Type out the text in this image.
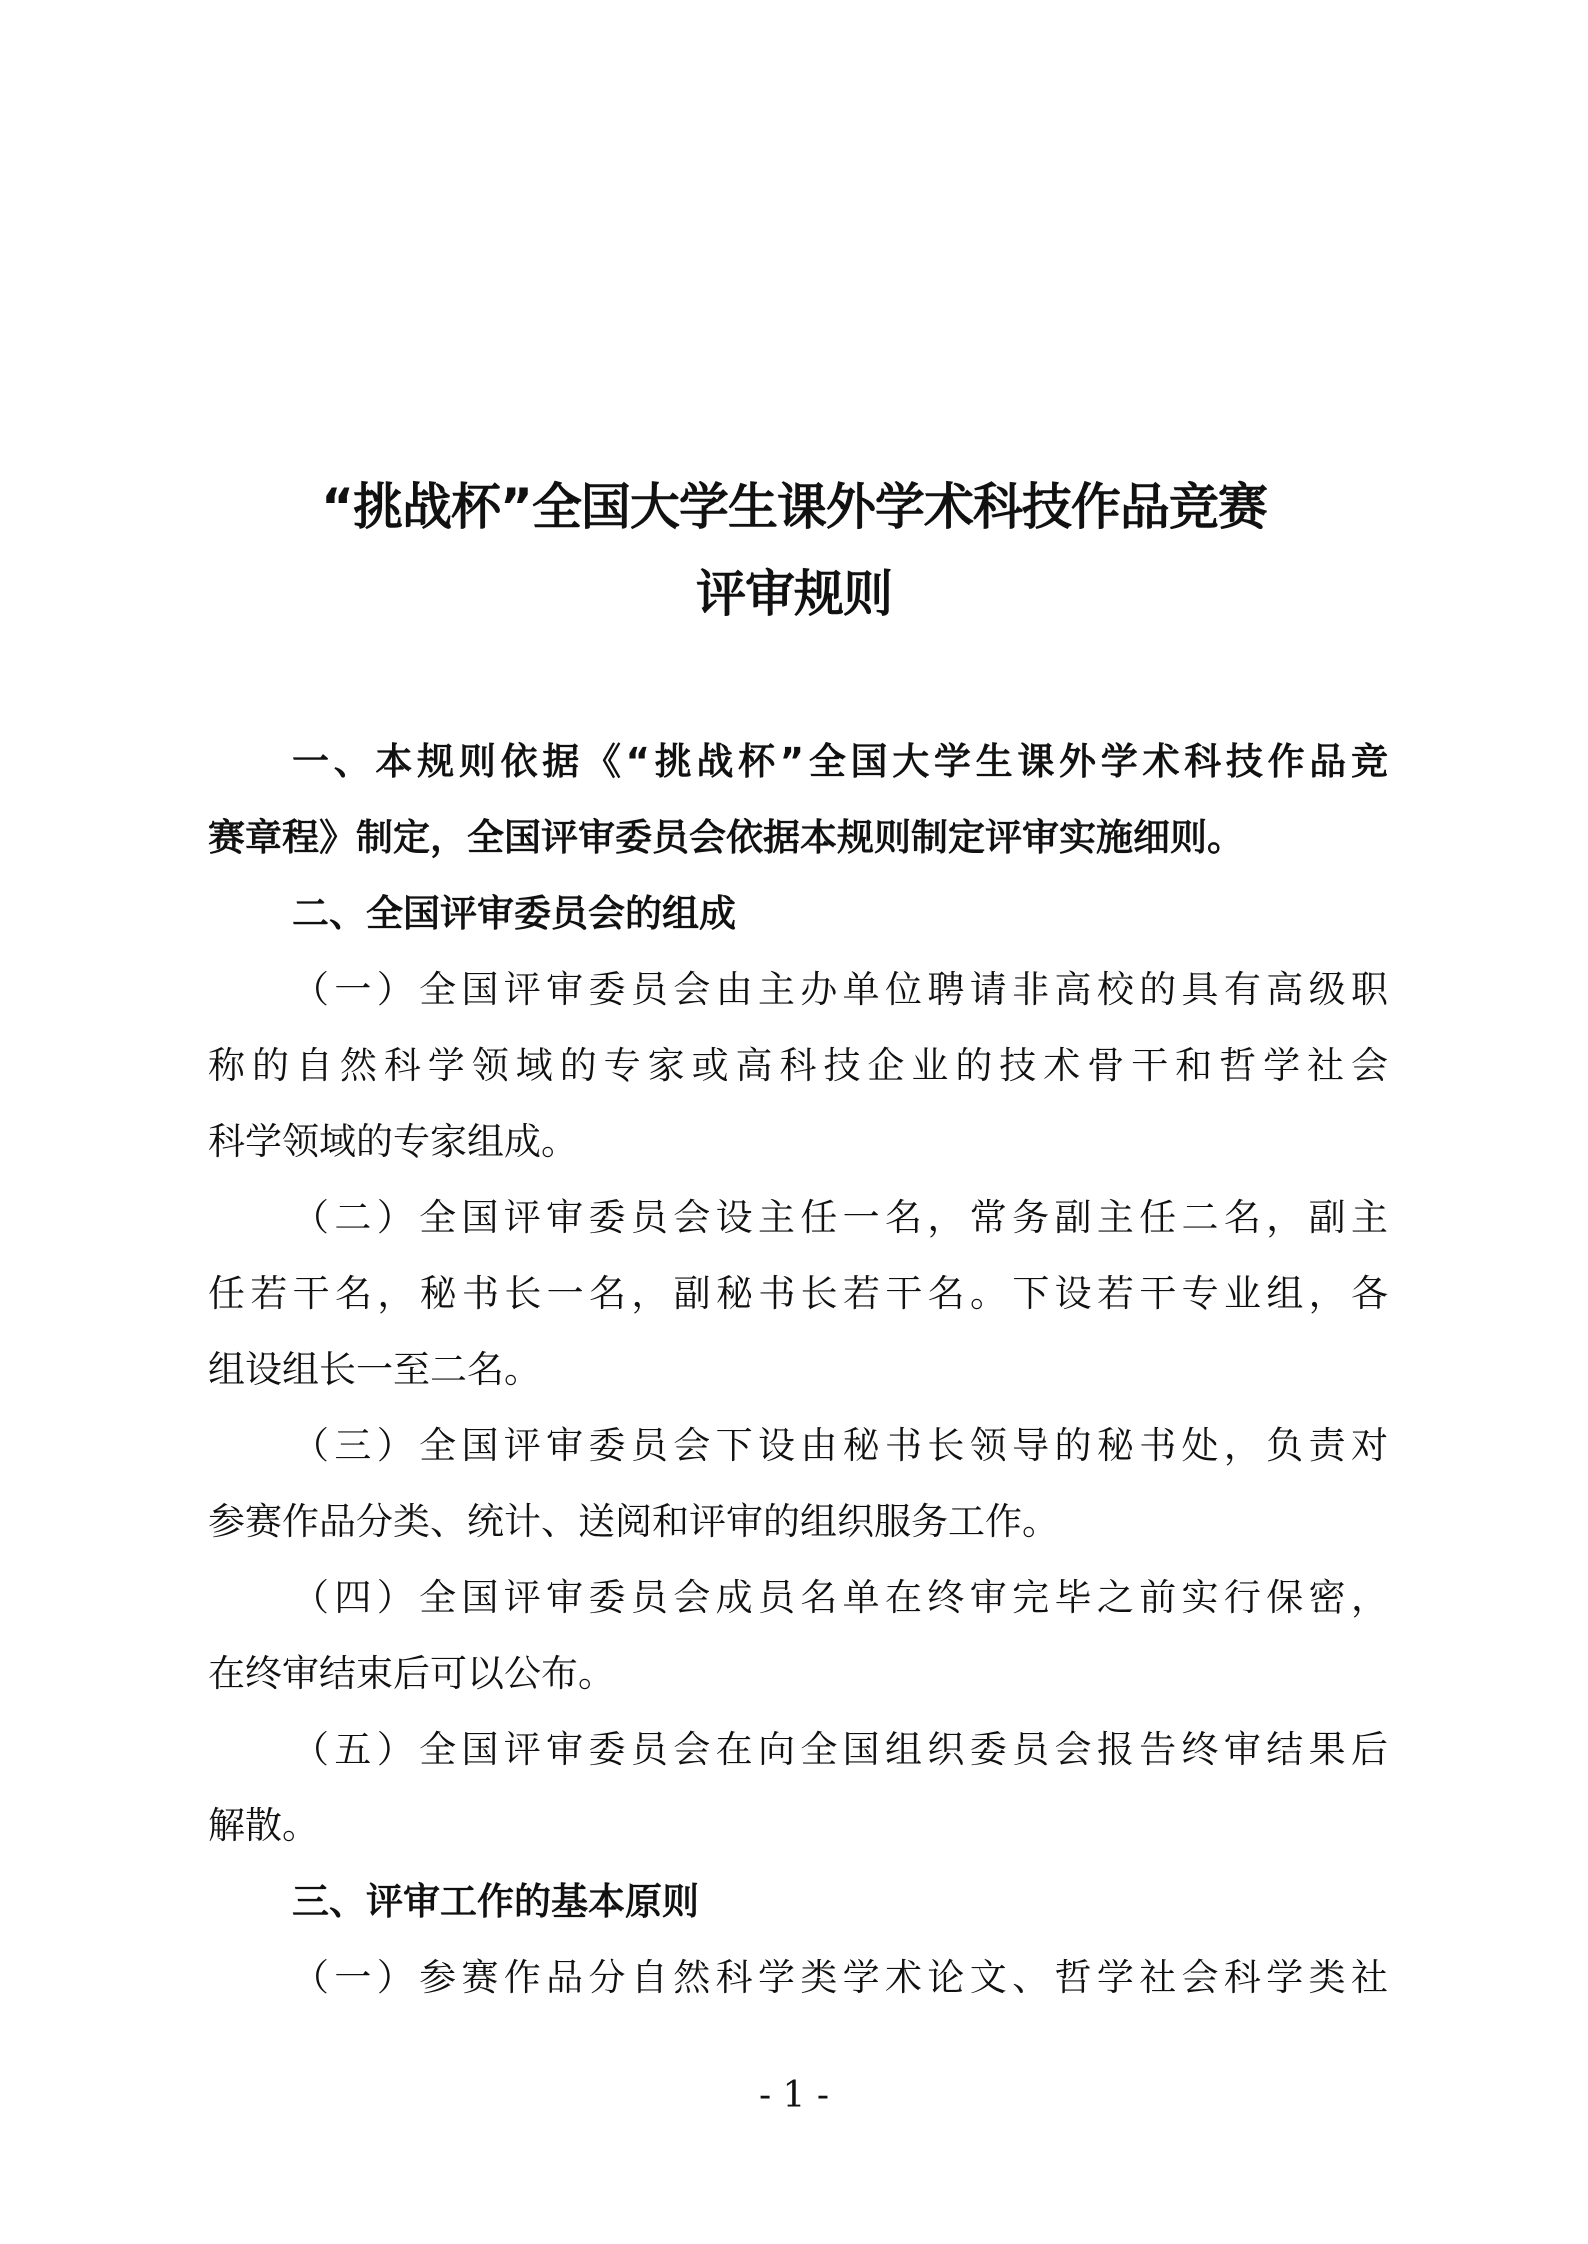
“挑战杯”全国大学生课外学术科技作品竞赛
评审规则
一、本规则依据《“挑战杯”全国大学生课外学术科技作品竞
赛章程》制定，全国评审委员会依据本规则制定评审实施细则。
二、全国评审委员会的组成
（一）全国评审委员会由主办单位聘请非高校的具有高级职
称的自然科学领域的专家或高科技企业的技术骨干和哲学社会
科学领域的专家组成。
（二）全国评审委员会设主任一名，常务副主任二名，副主
任若干名，秘书长一名，副秘书长若干名。下设若干专业组，各
组设组长一至二名。
（三）全国评审委员会下设由秘书长领导的秘书处，负责对
参赛作品分类、统计、送阅和评审的组织服务工作。
（四）全国评审委员会成员名单在终审完毕之前实行保密，
在终审结束后可以公布。
（五）全国评审委员会在向全国组织委员会报告终审结果后
解散。
三、评审工作的基本原则
（一）参赛作品分自然科学类学术论文、哲学社会科学类社
- 1 -
